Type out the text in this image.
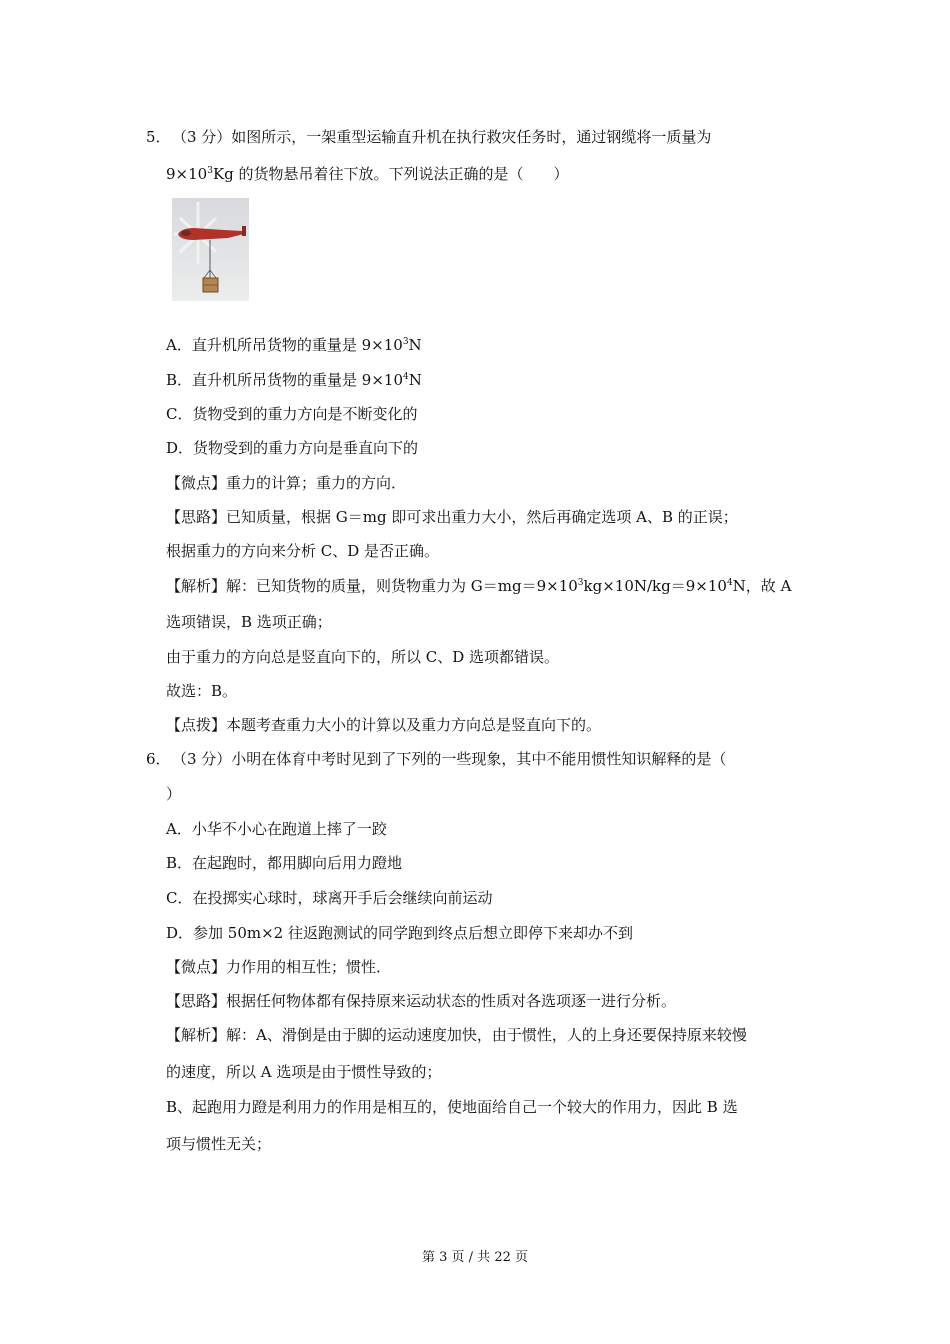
5． （3 分）如图所示，一架重型运输直升机在执行救灾任务时，通过钢缆将一质量为
$9\times 10^3Kg$ 的货物悬吊着往下放。下列说法正确的是（　　）
A．直升机所吊货物的重量是 $9\times 10^3N$
B．直升机所吊货物的重量是 $9\times 10^4N$
C．货物受到的重力方向是不断变化的
D．货物受到的重力方向是垂直向下的
【微点】重力的计算；重力的方向．
【思路】已知质量，根据 G＝mg 即可求出重力大小，然后再确定选项 A、B 的正误；
根据重力的方向来分析 C、D 是否正确。
【解析】解：已知货物的质量，则货物重力为 $G=mg=9\times 10^3kg\times 10N/kg=9\times 10^4N$，故 A
选项错误，B 选项正确；
由于重力的方向总是竖直向下的，所以 C、D 选项都错误。
故选：B。
【点拨】本题考查重力大小的计算以及重力方向总是竖直向下的。
6． （3 分）小明在体育中考时见到了下列的一些现象，其中不能用惯性知识解释的是（
）
A．小华不小心在跑道上摔了一跤
B．在起跑时，都用脚向后用力蹬地
C．在投掷实心球时，球离开手后会继续向前运动
D．参加 50m×2 往返跑测试的同学跑到终点后想立即停下来却办不到
【微点】力作用的相互性；惯性．
【思路】根据任何物体都有保持原来运动状态的性质对各选项逐一进行分析。
【解析】解：A、滑倒是由于脚的运动速度加快，由于惯性，人的上身还要保持原来较慢
的速度，所以 A 选项是由于惯性导致的；
B、起跑用力蹬是利用力的作用是相互的，使地面给自己一个较大的作用力，因此 B 选
项与惯性无关；
第 3 页 / 共 22 页
